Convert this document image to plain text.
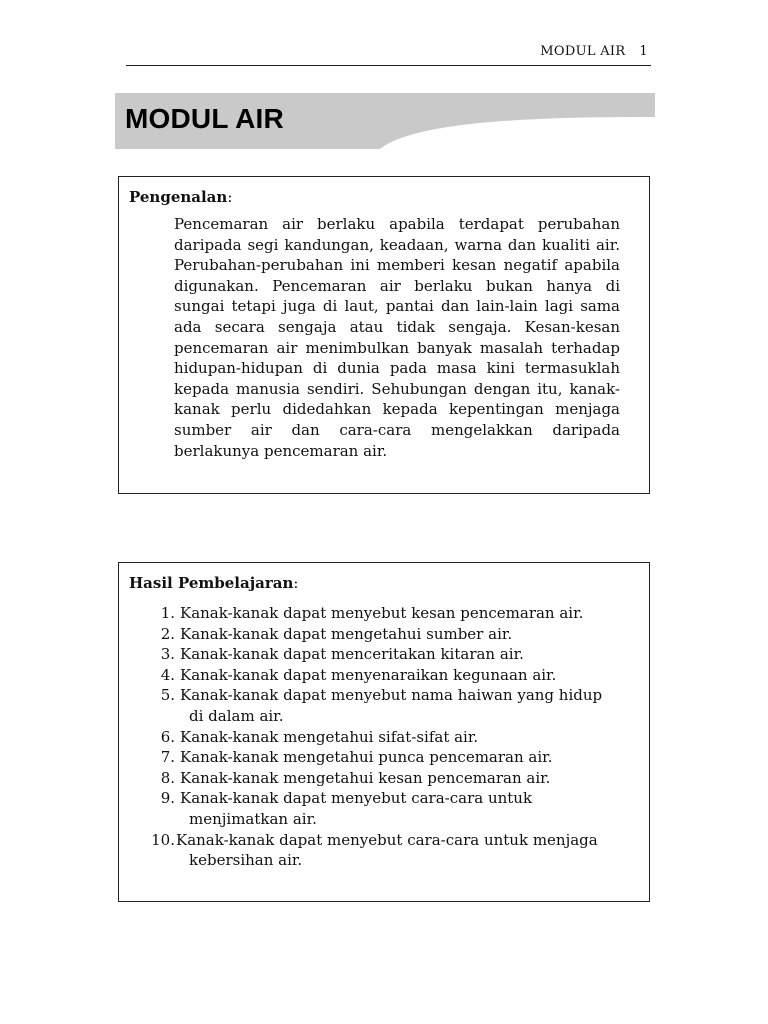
MODUL AIR 1
MODUL AIR
Pengenalan:
Pencemaran air berlaku apabila terdapat perubahan daripada segi kandungan, keadaan, warna dan kualiti air. Perubahan-perubahan ini memberi kesan negatif apabila digunakan. Pencemaran air berlaku bukan hanya di sungai tetapi juga di laut, pantai dan lain-lain lagi sama ada secara sengaja atau tidak sengaja. Kesan-kesan pencemaran air menimbulkan banyak masalah terhadap hidupan-hidupan di dunia pada masa kini termasuklah kepada manusia sendiri. Sehubungan dengan itu, kanak-kanak perlu didedahkan kepada kepentingan menjaga sumber air dan cara-cara mengelakkan daripada berlakunya pencemaran air.
Hasil Pembelajaran:
1. Kanak-kanak dapat menyebut kesan pencemaran air.
2. Kanak-kanak dapat mengetahui sumber air.
3. Kanak-kanak dapat menceritakan kitaran air.
4. Kanak-kanak dapat menyenaraikan kegunaan air.
5. Kanak-kanak dapat menyebut nama haiwan yang hidup
di dalam air.
6. Kanak-kanak mengetahui sifat-sifat air.
7. Kanak-kanak mengetahui punca pencemaran air.
8. Kanak-kanak mengetahui kesan pencemaran air.
9. Kanak-kanak dapat menyebut cara-cara untuk
menjimatkan air.
10. Kanak-kanak dapat menyebut cara-cara untuk menjaga
kebersihan air.
